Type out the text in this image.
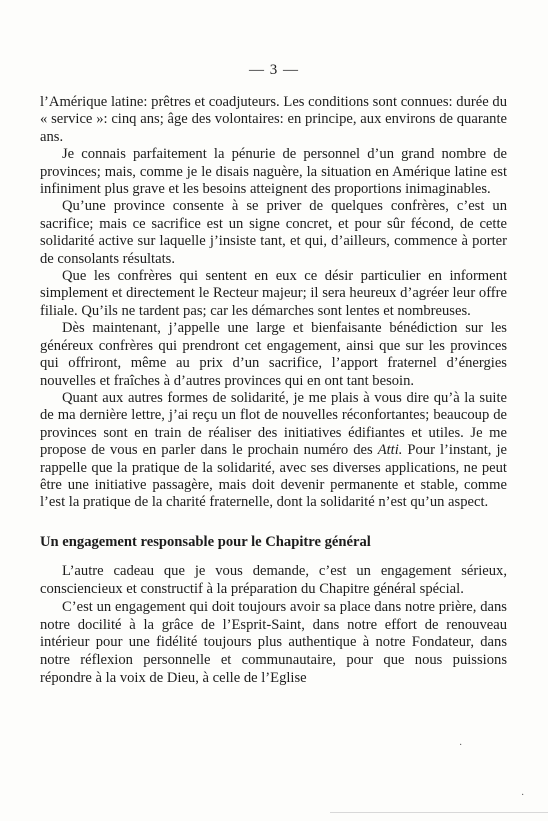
— 3 —

l’Amérique latine: prêtres et coadjuteurs. Les conditions sont connues: durée du « service »: cinq ans; âge des volontaires: en principe, aux environs de quarante ans.

Je connais parfaitement la pénurie de personnel d’un grand nombre de provinces; mais, comme je le disais naguère, la situation en Amérique latine est infiniment plus grave et les besoins atteignent des proportions inimaginables.

Qu’une province consente à se priver de quelques confrères, c’est un sacrifice; mais ce sacrifice est un signe concret, et pour sûr fécond, de cette solidarité active sur laquelle j’insiste tant, et qui, d’ailleurs, commence à porter de consolants résultats.

Que les confrères qui sentent en eux ce désir particulier en informent simplement et directement le Recteur majeur; il sera heureux d’agréer leur offre filiale. Qu’ils ne tardent pas; car les démarches sont lentes et nombreuses.

Dès maintenant, j’appelle une large et bienfaisante bénédiction sur les généreux confrères qui prendront cet engagement, ainsi que sur les provinces qui offriront, même au prix d’un sacrifice, l’apport fraternel d’énergies nouvelles et fraîches à d’autres provinces qui en ont tant besoin.

Quant aux autres formes de solidarité, je me plais à vous dire qu’à la suite de ma dernière lettre, j’ai reçu un flot de nouvelles réconfortantes; beaucoup de provinces sont en train de réaliser des initiatives édifiantes et utiles. Je me propose de vous en parler dans le prochain numéro des Atti. Pour l’instant, je rappelle que la pratique de la solidarité, avec ses diverses applications, ne peut être une initiative passagère, mais doit devenir permanente et stable, comme l’est la pratique de la charité fraternelle, dont la solidarité n’est qu’un aspect.

Un engagement responsable pour le Chapitre général

L’autre cadeau que je vous demande, c’est un engagement sérieux, consciencieux et constructif à la préparation du Chapitre général spécial.

C’est un engagement qui doit toujours avoir sa place dans notre prière, dans notre docilité à la grâce de l’Esprit-Saint, dans notre effort de renouveau intérieur pour une fidélité toujours plus authentique à notre Fondateur, dans notre réflexion personnelle et communautaire, pour que nous puissions répondre à la voix de Dieu, à celle de l’Eglise

·
·
